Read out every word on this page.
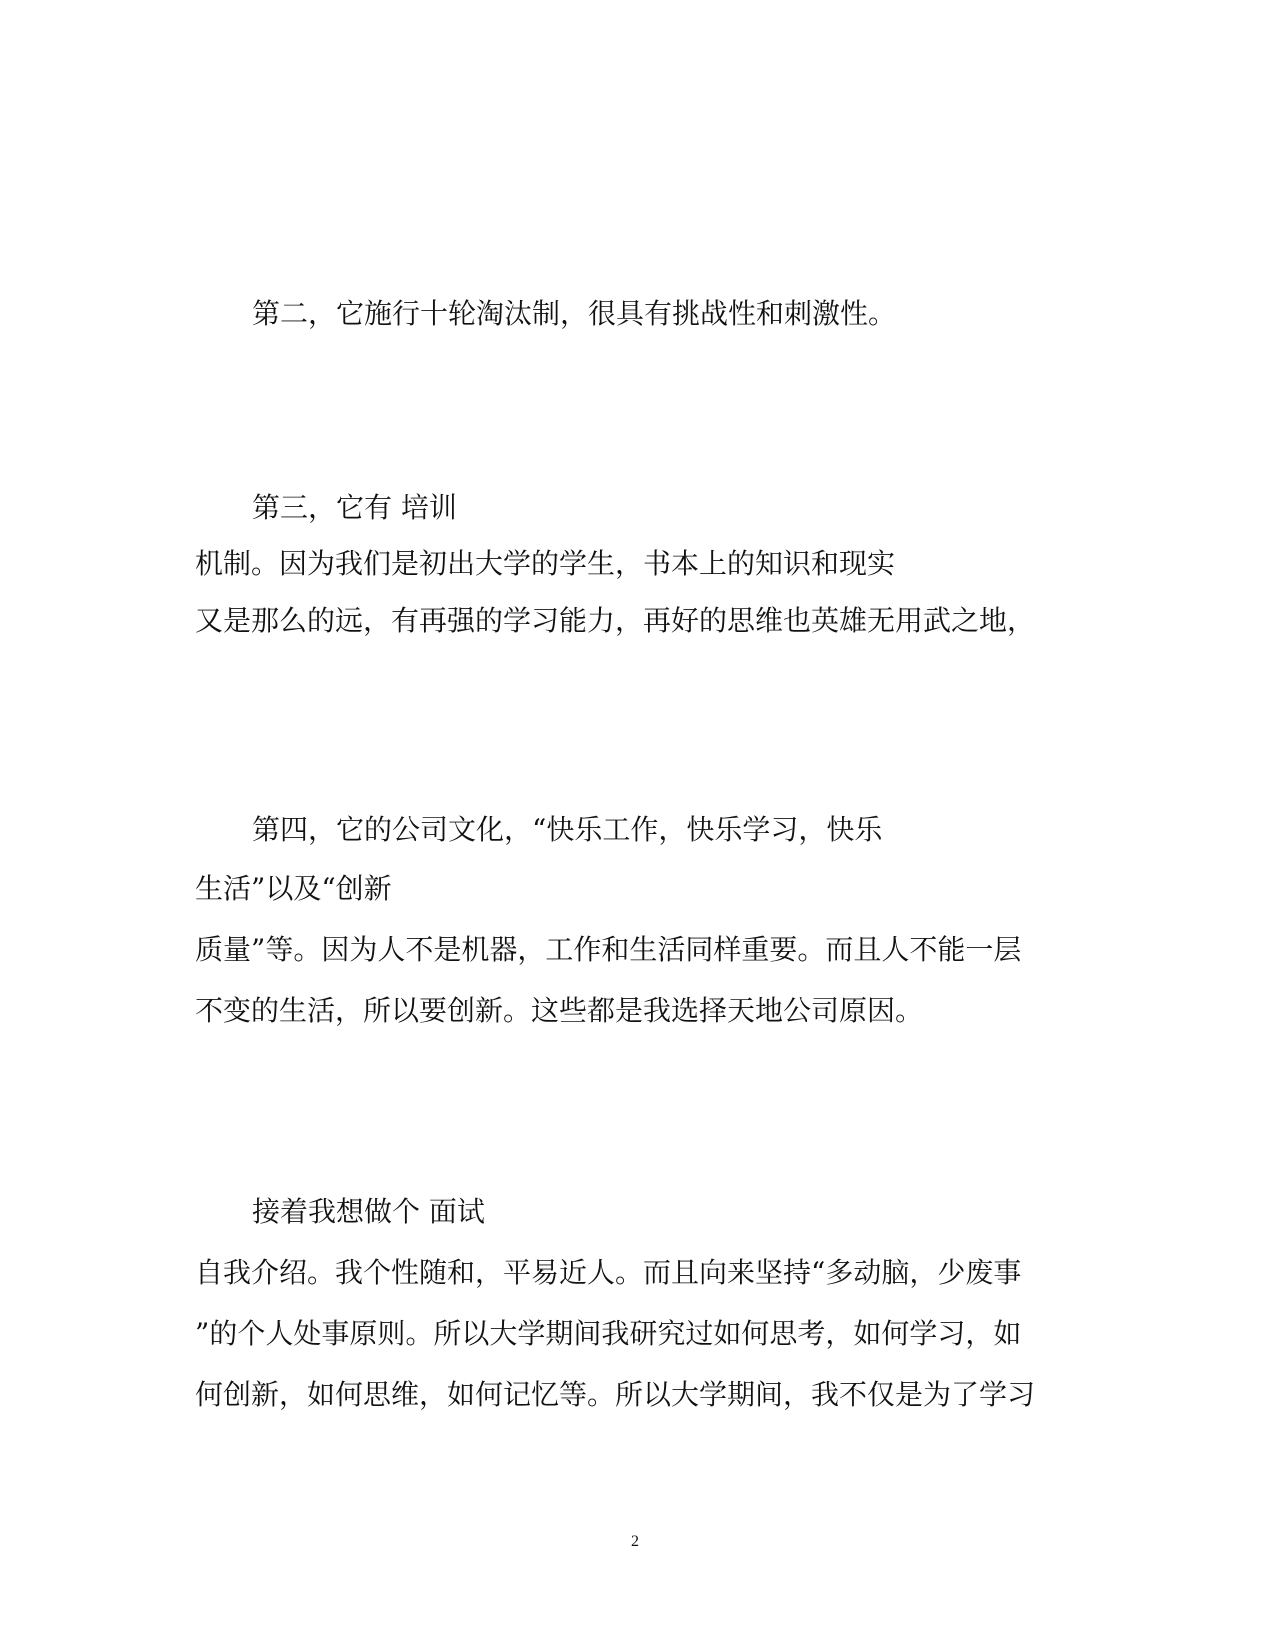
第二，它施行十轮淘汰制，很具有挑战性和刺激性。

第三，它有 培训

机制。因为我们是初出大学的学生，书本上的知识和现实

又是那么的远，有再强的学习能力，再好的思维也英雄无用武之地，

第四，它的公司文化，“快乐工作，快乐学习，快乐

生活”以及“创新

质量”等。因为人不是机器，工作和生活同样重要。而且人不能一层

不变的生活，所以要创新。这些都是我选择天地公司原因。

接着我想做个 面试

自我介绍。我个性随和，平易近人。而且向来坚持“多动脑，少废事

”的个人处事原则。所以大学期间我研究过如何思考，如何学习，如

何创新，如何思维，如何记忆等。所以大学期间，我不仅是为了学习

2
